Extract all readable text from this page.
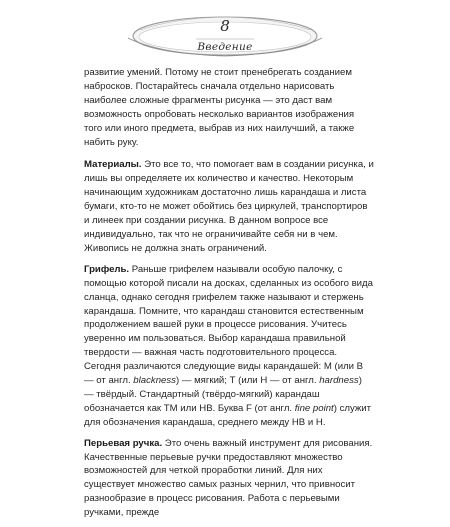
8
Введение

развитие умений. Потому не стоит пренебрегать созданием набросков. Постарайтесь сначала отдельно нарисовать наиболее сложные фрагменты рисунка — это даст вам возможность опробовать несколько вариантов изображения того или иного предмета, выбрав из них наилучший, а также набить руку.

Материалы. Это все то, что помогает вам в создании рисунка, и лишь вы определяете их количество и качество. Некоторым начинающим художникам достаточно лишь карандаша и листа бумаги, кто-то не может обойтись без циркулей, транспортиров и линеек при создании рисунка. В данном вопросе все индивидуально, так что не ограничивайте себя ни в чем. Живопись не должна знать ограничений.

Грифель. Раньше грифелем называли особую палочку, с помощью которой писали на досках, сделанных из особого вида сланца, однако сегодня грифелем также называют и стержень карандаша. Помните, что карандаш становится естественным продолжением вашей руки в процессе рисования. Учитесь уверенно им пользоваться. Выбор карандаша правильной твердости — важная часть подготовительного процесса. Сегодня различаются следующие виды карандашей: М (или В — от англ. blackness) — мягкий; Т (или Н — от англ. hardness) — твёрдый. Стандартный (твёрдо-мягкий) карандаш обозначается как ТМ или НВ. Буква F (от англ. fine point) служит для обозначения карандаша, среднего между НВ и Н.

Перьевая ручка. Это очень важный инструмент для рисования. Качественные перьевые ручки предоставляют множество возможностей для четкой проработки линий. Для них существует множество самых разных чернил, что привносит разнообразие в процесс рисования. Работа с перьевыми ручками, прежде
